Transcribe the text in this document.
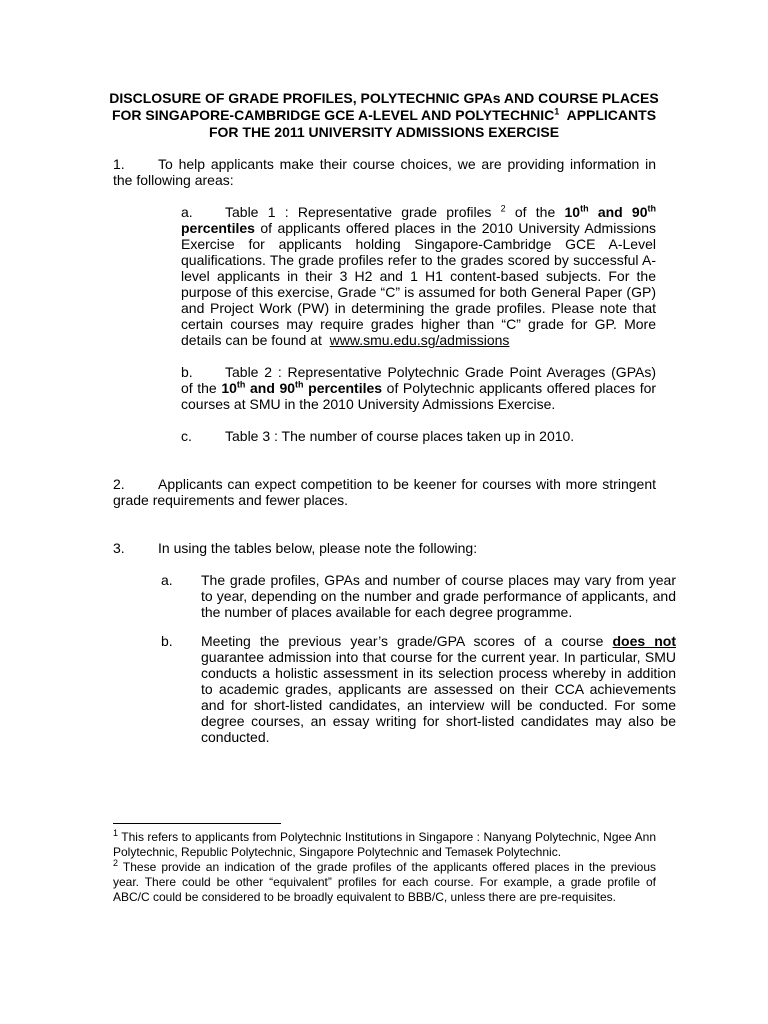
DISCLOSURE OF GRADE PROFILES, POLYTECHNIC GPAs AND COURSE PLACES
FOR SINGAPORE-CAMBRIDGE GCE A-LEVEL AND POLYTECHNIC$^1$ APPLICANTS
FOR THE 2011 UNIVERSITY ADMISSIONS EXERCISE
1. To help applicants make their course choices, we are providing information in the following areas:
a. Table 1 : Representative grade profiles $^2$ of the 10th and 90th percentiles of applicants offered places in the 2010 University Admissions Exercise for applicants holding Singapore-Cambridge GCE A-Level qualifications. The grade profiles refer to the grades scored by successful A-level applicants in their 3 H2 and 1 H1 content-based subjects. For the purpose of this exercise, Grade “C” is assumed for both General Paper (GP) and Project Work (PW) in determining the grade profiles. Please note that certain courses may require grades higher than “C” grade for GP. More details can be found at www.smu.edu.sg/admissions
b. Table 2 : Representative Polytechnic Grade Point Averages (GPAs) of the 10th and 90th percentiles of Polytechnic applicants offered places for courses at SMU in the 2010 University Admissions Exercise.
c. Table 3 : The number of course places taken up in 2010.
2. Applicants can expect competition to be keener for courses with more stringent grade requirements and fewer places.
3. In using the tables below, please note the following:
a. The grade profiles, GPAs and number of course places may vary from year to year, depending on the number and grade performance of applicants, and the number of places available for each degree programme.
b. Meeting the previous year’s grade/GPA scores of a course does not guarantee admission into that course for the current year. In particular, SMU conducts a holistic assessment in its selection process whereby in addition to academic grades, applicants are assessed on their CCA achievements and for short-listed candidates, an interview will be conducted. For some degree courses, an essay writing for short-listed candidates may also be conducted.
$^1$ This refers to applicants from Polytechnic Institutions in Singapore : Nanyang Polytechnic, Ngee Ann Polytechnic, Republic Polytechnic, Singapore Polytechnic and Temasek Polytechnic.
$^2$ These provide an indication of the grade profiles of the applicants offered places in the previous year. There could be other “equivalent” profiles for each course. For example, a grade profile of ABC/C could be considered to be broadly equivalent to BBB/C, unless there are pre-requisites.
